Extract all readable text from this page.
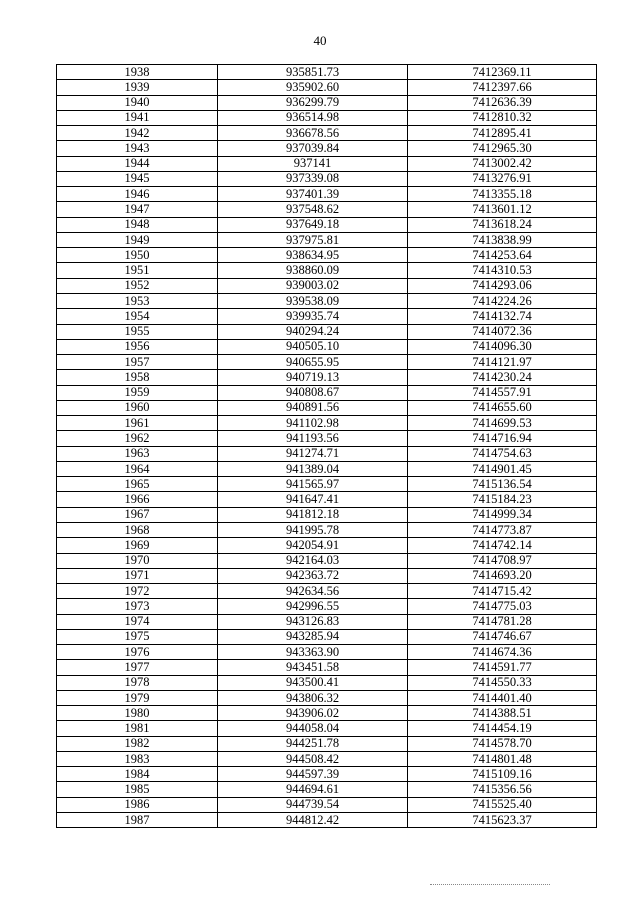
40
1938	935851.73	7412369.11
1939	935902.60	7412397.66
1940	936299.79	7412636.39
1941	936514.98	7412810.32
1942	936678.56	7412895.41
1943	937039.84	7412965.30
1944	937141	7413002.42
1945	937339.08	7413276.91
1946	937401.39	7413355.18
1947	937548.62	7413601.12
1948	937649.18	7413618.24
1949	937975.81	7413838.99
1950	938634.95	7414253.64
1951	938860.09	7414310.53
1952	939003.02	7414293.06
1953	939538.09	7414224.26
1954	939935.74	7414132.74
1955	940294.24	7414072.36
1956	940505.10	7414096.30
1957	940655.95	7414121.97
1958	940719.13	7414230.24
1959	940808.67	7414557.91
1960	940891.56	7414655.60
1961	941102.98	7414699.53
1962	941193.56	7414716.94
1963	941274.71	7414754.63
1964	941389.04	7414901.45
1965	941565.97	7415136.54
1966	941647.41	7415184.23
1967	941812.18	7414999.34
1968	941995.78	7414773.87
1969	942054.91	7414742.14
1970	942164.03	7414708.97
1971	942363.72	7414693.20
1972	942634.56	7414715.42
1973	942996.55	7414775.03
1974	943126.83	7414781.28
1975	943285.94	7414746.67
1976	943363.90	7414674.36
1977	943451.58	7414591.77
1978	943500.41	7414550.33
1979	943806.32	7414401.40
1980	943906.02	7414388.51
1981	944058.04	7414454.19
1982	944251.78	7414578.70
1983	944508.42	7414801.48
1984	944597.39	7415109.16
1985	944694.61	7415356.56
1986	944739.54	7415525.40
1987	944812.42	7415623.37
